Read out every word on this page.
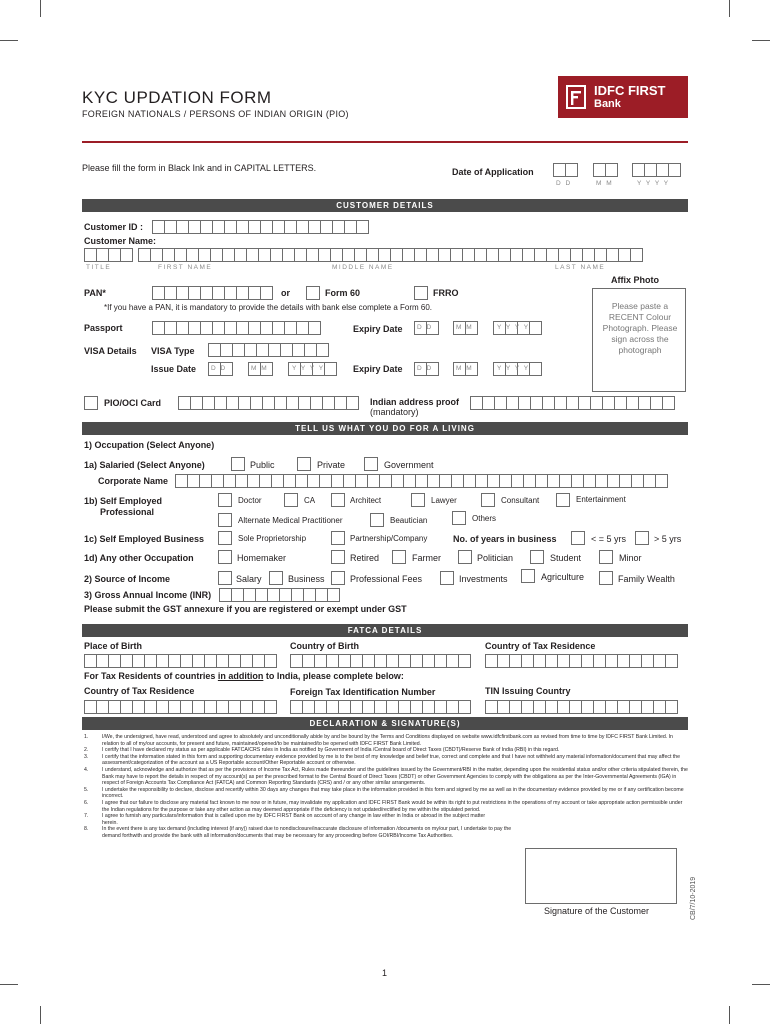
KYC UPDATION FORM
FOREIGN NATIONALS / PERSONS OF INDIAN ORIGIN (PIO)
IDFC FIRST
Bank
Please fill the form in Black Ink and in CAPITAL LETTERS.	Date of Application
D D	M M	Y Y Y Y
CUSTOMER DETAILS
Customer ID :
Customer Name:
TITLE	FIRST NAME	MIDDLE NAME	LAST NAME
Affix Photo
PAN*	or	Form 60	FRRO
*If you have a PAN, it is mandatory to provide the details with bank else complete a Form 60.	Please paste a RECENT Colour Photograph. Please sign across the photograph
Passport	Expiry Date D D	M M	Y Y Y Y
VISA Details VISA Type
Issue Date D D	M M	Y Y Y Y	Expiry Date D D	M M	Y Y Y Y
PIO/OCI Card	Indian address proof
(mandatory)
TELL US WHAT YOU DO FOR A LIVING
1) Occupation (Select Anyone)
1a) Salaried (Select Anyone)	Public	Private	Government
Corporate Name
1b) Self Employed
Professional
Doctor	CA	Architect	Lawyer	Consultant	Entertainment
Alternate Medical Practitioner	Beautician	Others
1c) Self Employed Business	Sole Proprietorship	Partnership/Company	No. of years in business	< = 5 yrs	> 5 yrs
1d) Any other Occupation	Homemaker	Retired	Farmer	Politician	Student	Minor
2) Source of Income	Salary	Business	Professional Fees	Investments	Agriculture	Family Wealth
3) Gross Annual Income (INR)
Please submit the GST annexure if you are registered or exempt under GST
FATCA DETAILS
Place of Birth	Country of Birth	Country of Tax Residence
For Tax Residents of countries in addition to India, please complete below:
Country of Tax Residence	Foreign Tax Identification Number	TIN Issuing Country
DECLARATION & SIGNATURE(S)
1.	I/We, the undersigned, have read, understood and agree to absolutely and unconditionally abide by and be bound by the Terms and Conditions displayed on website www.idfcfirstbank.com as revised from time to time by IDFC FIRST Bank Limited. In relation to all of my/our accounts, for present and future, maintained/opened/to be maintained/to be opened with IDFC FIRST Bank Limited.
2.	I certify that I have declared my status as per applicable FATCA/CRS rules in India as notified by Government of India /Central board of Direct Taxes (CBDT)/Reserve Bank of India (RBI) in this regard.
3.	I certify that the information stated in this form and supporting documentary evidence provided by me is to the best of my knowledge and belief true, correct and complete and that I have not withheld any material information/document that may affect the assessment/categorization of the account as a US Reportable account/Other Reportable account or otherwise.
4.	I understand, acknowledge and authorize that as per the provisions of Income Tax Act, Rules made thereunder and the guidelines issued by the Government/RBI in the matter, depending upon the residential status and/or other criteria stipulated therein, the Bank may have to report the details in respect of my account(s) as per the prescribed format to the Central Board of Direct Taxes (CBDT) or other Government Agencies to comply with the obligations as per the Inter-Governmental Agreements (IGA) in respect of Foreign Accounts Tax Compliance Act (FATCA) and Common Reporting Standards (CRS) and / or any other similar arrangements.
5.	I undertake the responsibility to declare, disclose and recertify within 30 days any changes that may take place in the information provided in this form and signed by me as well as in the documentary evidence provided by me or if any certification become incorrect.
6.	I agree that our failure to disclose any material fact known to me now or in future, may invalidate my application and IDFC FIRST Bank would be within its right to put restrictions in the operations of my account or take appropriate action permissible under the Indian regulations for the purpose or take any other action as may deemed appropriate if the deficiency is not updated/rectified by me within the stipulated period.
7.	I agree to furnish any particulars/information that is called upon me by IDFC FIRST Bank on account of any change in law either in India or abroad in the subject matter herein.
8.	In the event there is any tax demand (including interest (if any)) raised due to nondisclosure/inaccurate disclosure of information /documents on my/our part, I undertake to pay the demand forthwith and provide the bank with all information/documents that may be necessary for any proceeding before GOI/RBI/Income Tax Authorities.
Signature of the Customer	CB/7/10-2019
1
